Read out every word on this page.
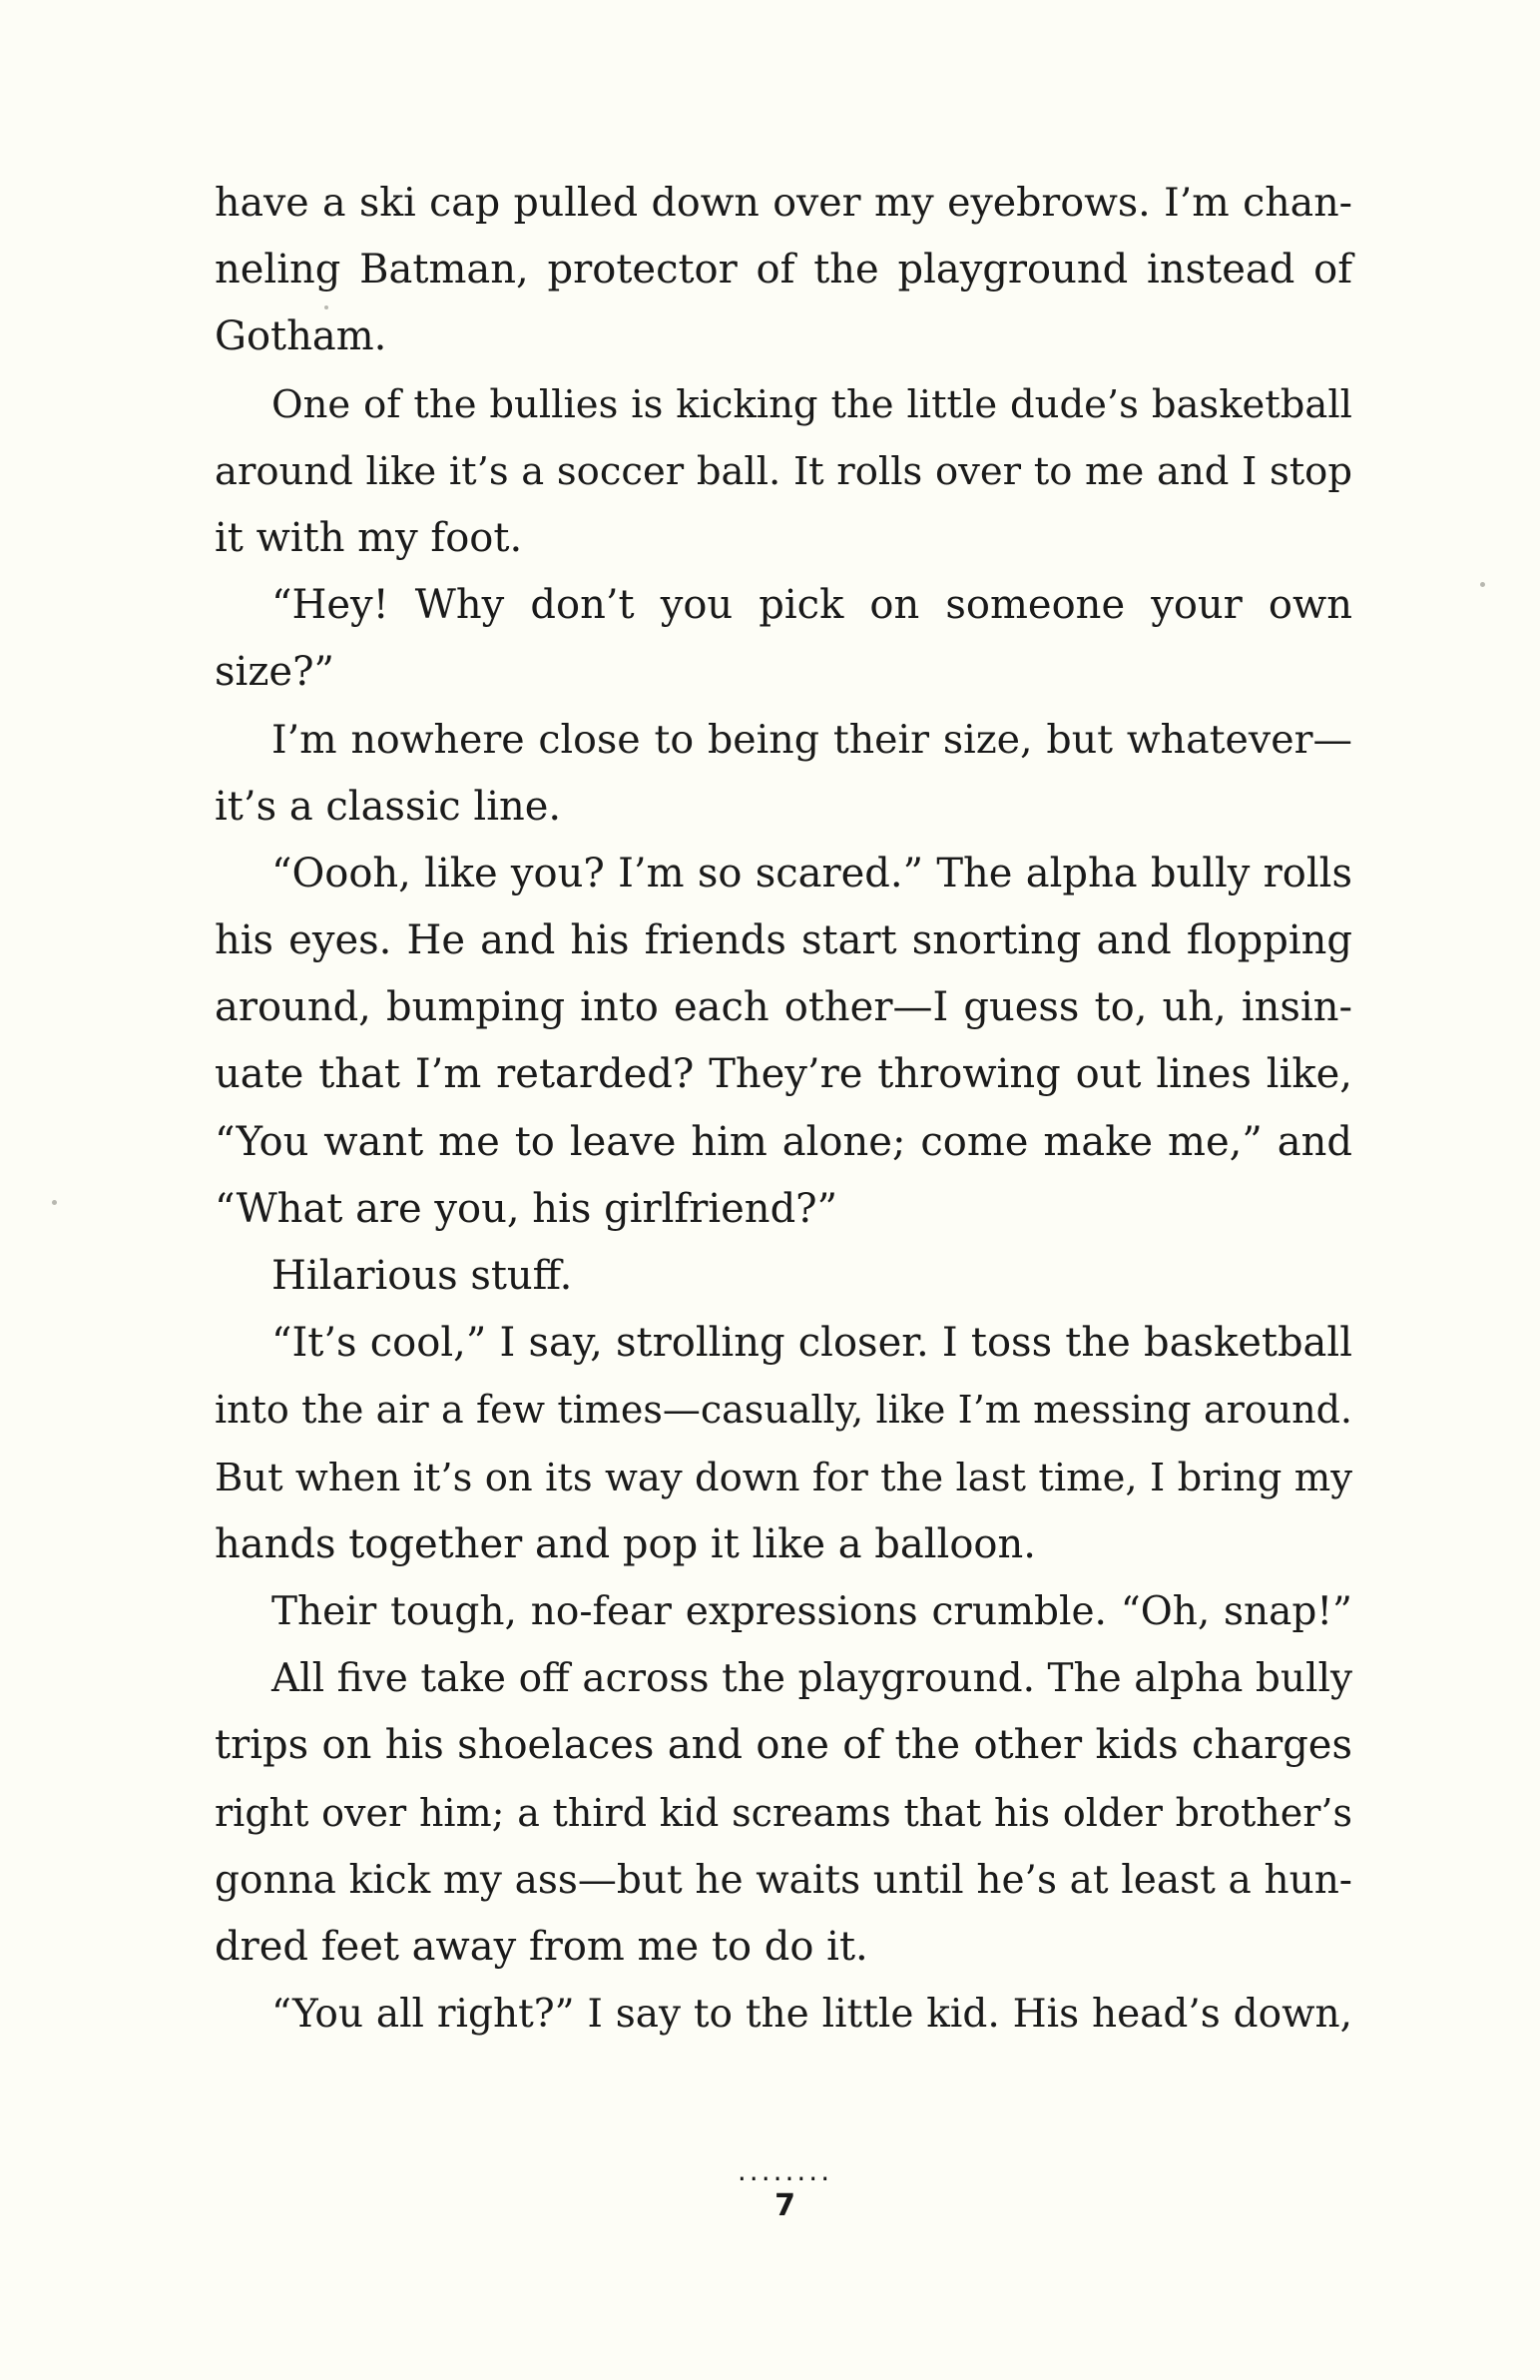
have a ski cap pulled down over my eyebrows. I’m chan-
neling Batman, protector of the playground instead of
Gotham.
One of the bullies is kicking the little dude’s basketball
around like it’s a soccer ball. It rolls over to me and I stop
it with my foot.
“Hey! Why don’t you pick on someone your own
size?”
I’m nowhere close to being their size, but whatever—
it’s a classic line.
“Oooh, like you? I’m so scared.” The alpha bully rolls
his eyes. He and his friends start snorting and flopping
around, bumping into each other—I guess to, uh, insin-
uate that I’m retarded? They’re throwing out lines like,
“You want me to leave him alone; come make me,” and
“What are you, his girlfriend?”
Hilarious stuff.
“It’s cool,” I say, strolling closer. I toss the basketball
into the air a few times—casually, like I’m messing around.
But when it’s on its way down for the last time, I bring my
hands together and pop it like a balloon.
Their tough, no-fear expressions crumble. “Oh, snap!”
All five take off across the playground. The alpha bully
trips on his shoelaces and one of the other kids charges
right over him; a third kid screams that his older brother’s
gonna kick my ass—but he waits until he’s at least a hun-
dred feet away from me to do it.
“You all right?” I say to the little kid. His head’s down,
........
7
